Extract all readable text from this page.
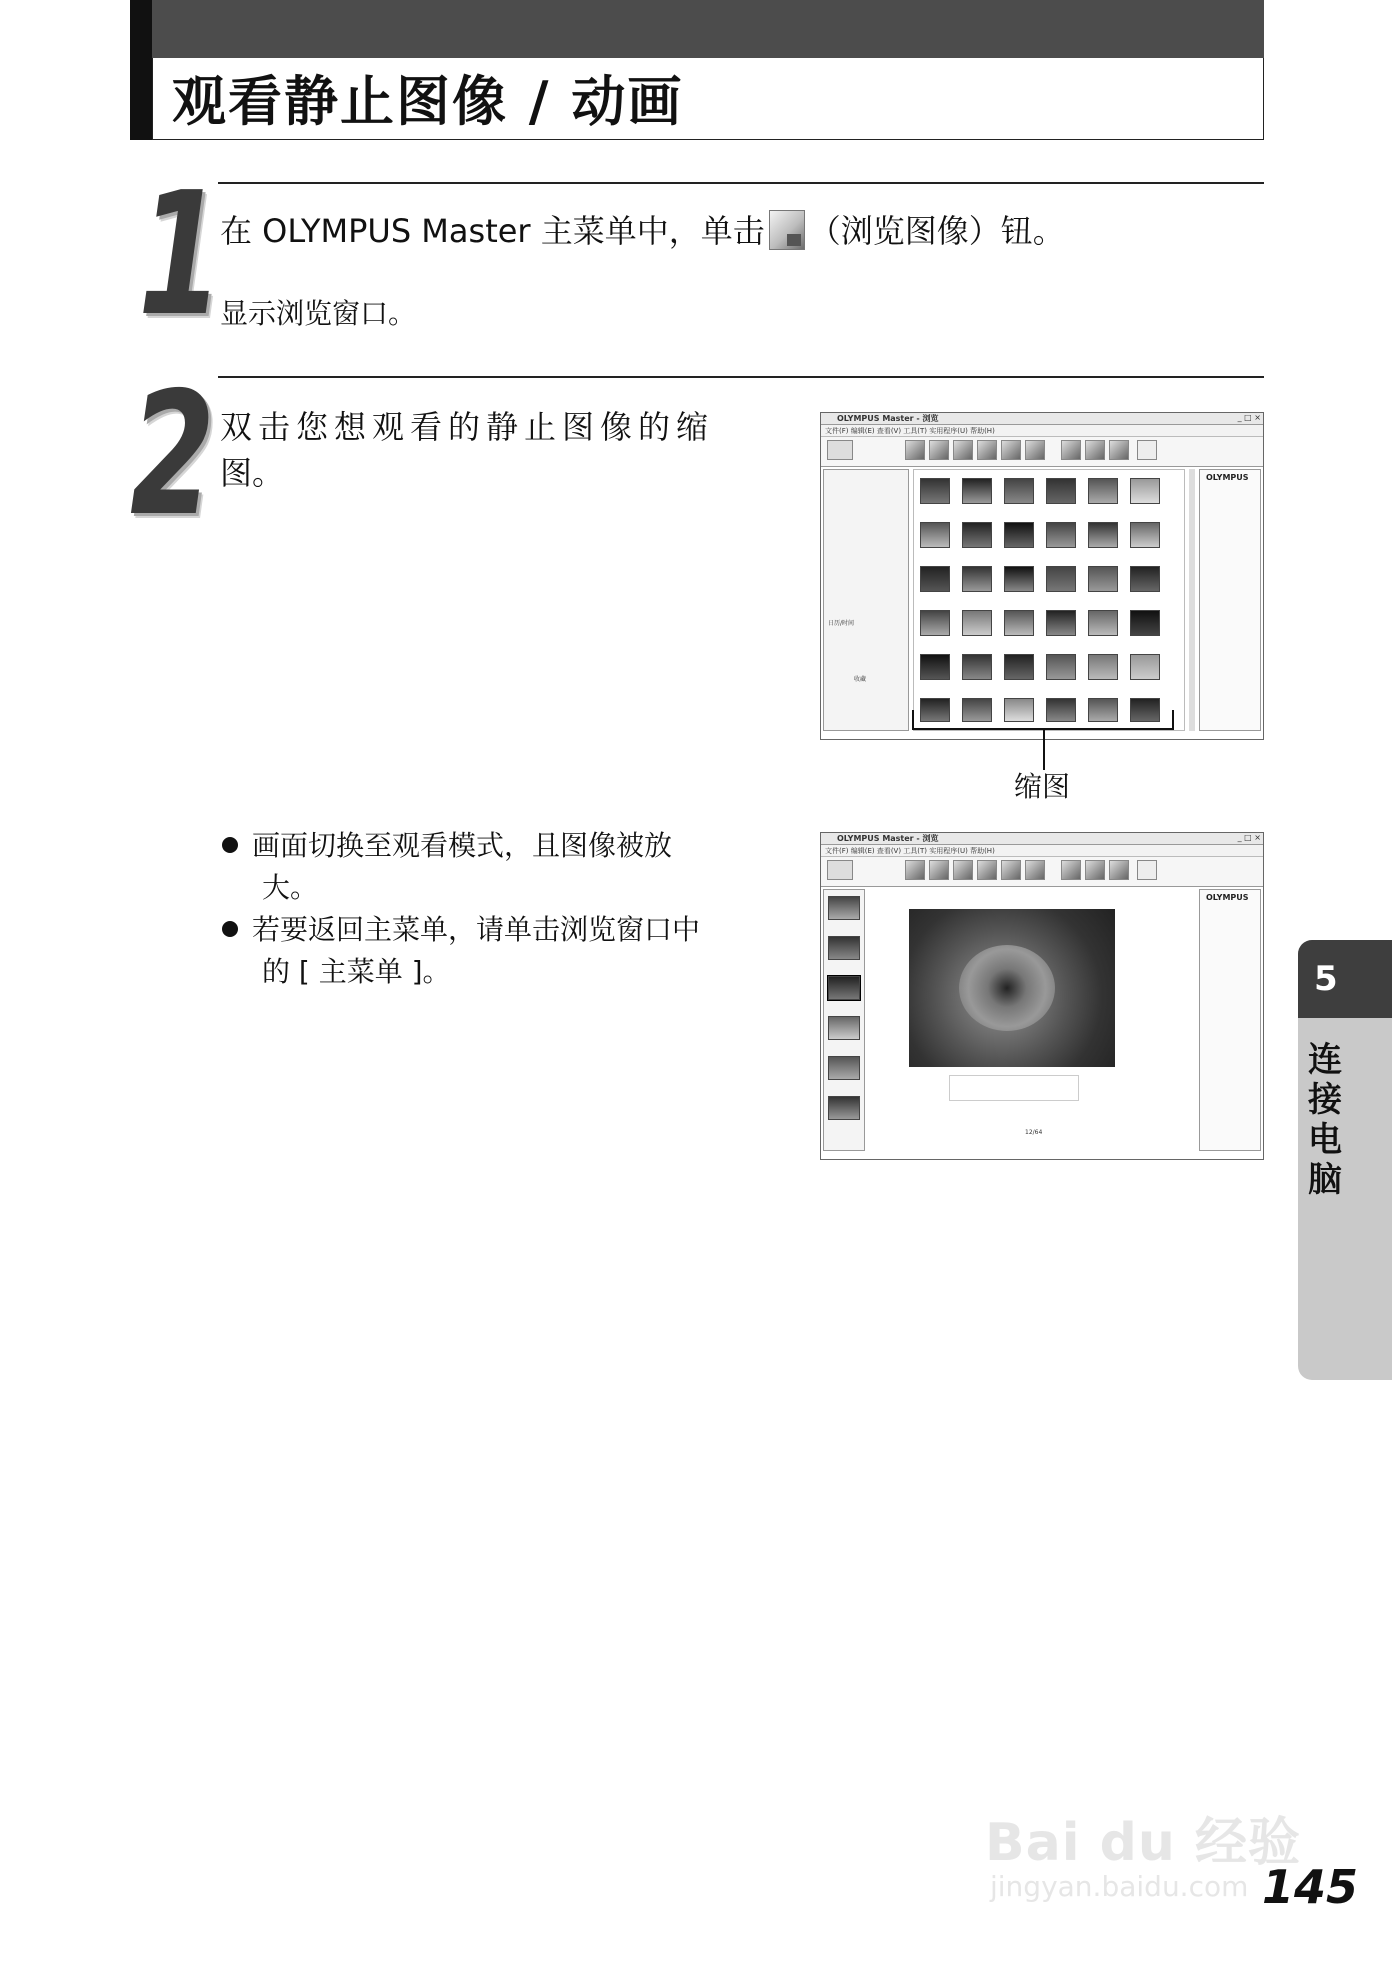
观看静止图像 / 动画
1
在 OLYMPUS Master 主菜单中，单击 （浏览图像）钮。
显示浏览窗口。
2 双击您想观看的静止图像的缩
图。
OLYMPUS Master - 浏览	_ □ ×
文件(F) 编辑(E) 查看(V) 工具(T) 实用程序(U) 帮助(H)
日历/时间
收藏
OLYMPUS
缩图
画面切换至观看模式，且图像被放
大。
若要返回主菜单，请单击浏览窗口中
的 [ 主菜单 ]。
OLYMPUS Master - 浏览	_ □ ×
文件(F) 编辑(E) 查看(V) 工具(T) 实用程序(U) 帮助(H)
12/64
OLYMPUS
5
连接电脑
Bai du 经验
jingyan.baidu.com 145
